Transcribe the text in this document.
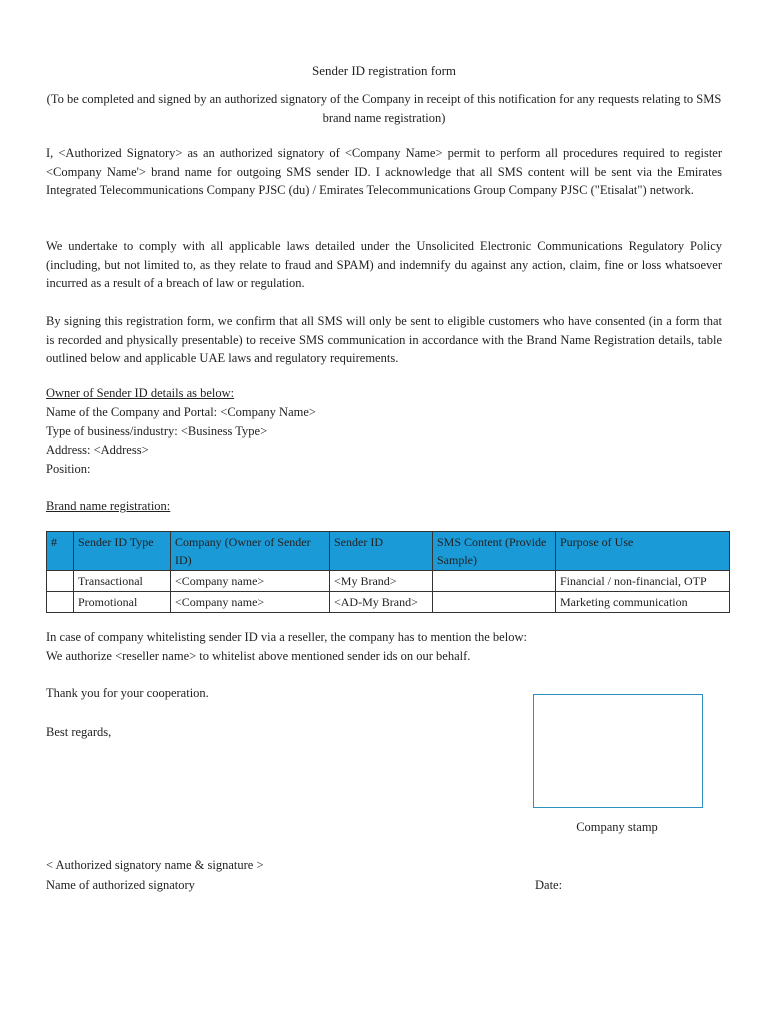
Sender ID registration form
(To be completed and signed by an authorized signatory of the Company in receipt of this notification for any requests relating to SMS brand name registration)
I, <Authorized Signatory> as an authorized signatory of <Company Name> permit to perform all procedures required to register <Company Name'> brand name for outgoing SMS sender ID. I acknowledge that all SMS content will be sent via the Emirates Integrated Telecommunications Company PJSC (du) / Emirates Telecommunications Group Company PJSC ("Etisalat") network.
We undertake to comply with all applicable laws detailed under the Unsolicited Electronic Communications Regulatory Policy (including, but not limited to, as they relate to fraud and SPAM) and indemnify du against any action, claim, fine or loss whatsoever incurred as a result of a breach of law or regulation.
By signing this registration form, we confirm that all SMS will only be sent to eligible customers who have consented (in a form that is recorded and physically presentable) to receive SMS communication in accordance with the Brand Name Registration details, table outlined below and applicable UAE laws and regulatory requirements.
Owner of Sender ID details as below:
Name of the Company and Portal: <Company Name>
Type of business/industry: <Business Type>
Address: <Address>
Position:
Brand name registration:
#	Sender ID Type	Company (Owner of Sender ID)	Sender ID	SMS Content (Provide Sample)	Purpose of Use
	Transactional	<Company name>	<My Brand>		Financial / non-financial, OTP
	Promotional	<Company name>	<AD-My Brand>		Marketing communication
In case of company whitelisting sender ID via a reseller, the company has to mention the below:
We authorize <reseller name> to whitelist above mentioned sender ids on our behalf.
Thank you for your cooperation.
Best regards,
Company stamp
< Authorized signatory name & signature >
Name of authorized signatory	Date:
